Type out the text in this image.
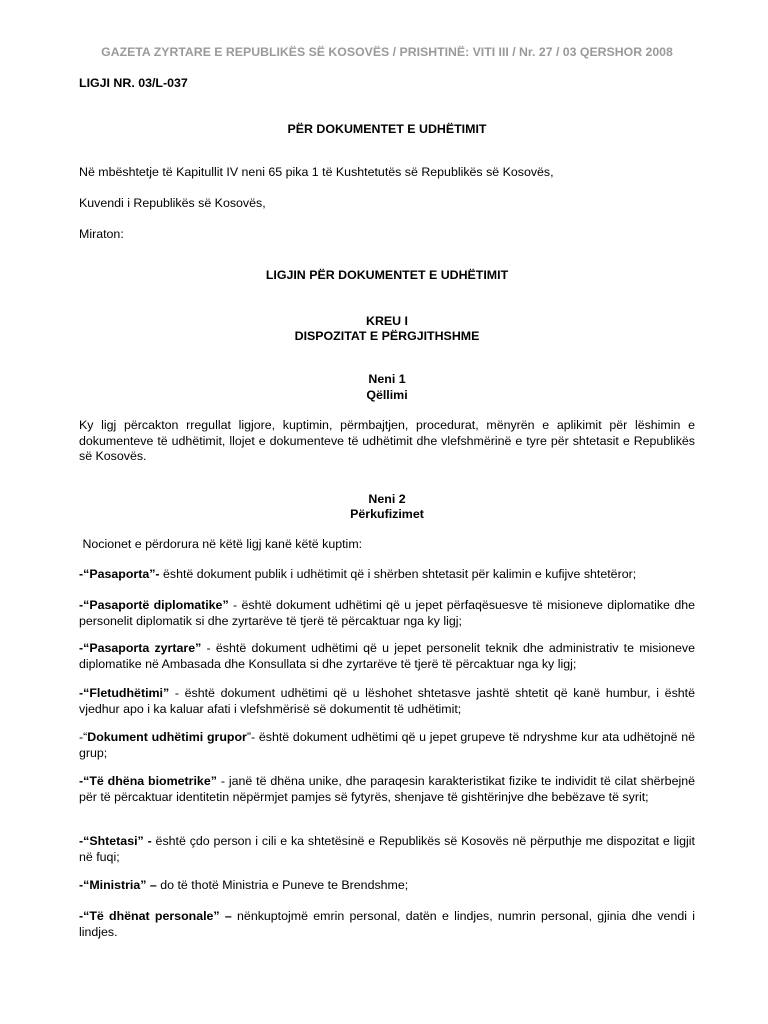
GAZETA ZYRTARE E REPUBLIKËS SË KOSOVËS / PRISHTINË: VITI III / Nr. 27 / 03 QERSHOR 2008
LIGJI NR. 03/L-037
PËR DOKUMENTET E UDHËTIMIT
Në mbështetje të Kapitullit IV neni 65 pika 1 të Kushtetutës së Republikës së Kosovës,
Kuvendi i Republikës së Kosovës,
Miraton:
LIGJIN PËR DOKUMENTET E UDHËTIMIT
KREU I
DISPOZITAT E PËRGJITHSHME
Neni 1
Qëllimi

Ky ligj përcakton rregullat ligjore, kuptimin, përmbajtjen, procedurat, mënyrën e aplikimit për lëshimin e dokumenteve të udhëtimit, llojet e dokumenteve të udhëtimit dhe vlefshmërinë e tyre për shtetasit e Republikës së Kosovës.

Neni 2
Përkufizimet
Nocionet e përdorura në këtë ligj kanë këtë kuptim:

-“Pasaporta”- është dokument publik i udhëtimit që i shërben shtetasit për kalimin e kufijve shtetëror;

-“Pasaportë diplomatike” - është dokument udhëtimi që u jepet përfaqësuesve të misioneve diplomatike dhe personelit diplomatik si dhe zyrtarëve të tjerë të përcaktuar nga ky ligj;

-“Pasaporta zyrtare” - është dokument udhëtimi që u jepet personelit teknik dhe administrativ te misioneve diplomatike në Ambasada dhe Konsullata si dhe zyrtarëve të tjerë të përcaktuar nga ky ligj;

-“Fletudhëtimi” - është dokument udhëtimi që u lëshohet shtetasve jashtë shtetit që kanë humbur, i është vjedhur apo i ka kaluar afati i vlefshmërisë së dokumentit të udhëtimit;

-“Dokument udhëtimi grupor”- është dokument udhëtimi që u jepet grupeve të ndryshme kur ata udhëtojnë në grup;

-“Të dhëna biometrike” - janë të dhëna unike, dhe paraqesin karakteristikat fizike te individit të cilat shërbejnë për të përcaktuar identitetin nëpërmjet pamjes së fytyrës, shenjave të gishtërinjve dhe bebëzave të syrit;

-“Shtetasi” - është çdo person i cili e ka shtetësinë e Republikës së Kosovës në përputhje me dispozitat e ligjit në fuqi;

-“Ministria” – do të thotë Ministria e Puneve te Brendshme;

-“Të dhënat personale” – nënkuptojmë emrin personal, datën e lindjes, numrin personal, gjinia dhe vendi i lindjes.
